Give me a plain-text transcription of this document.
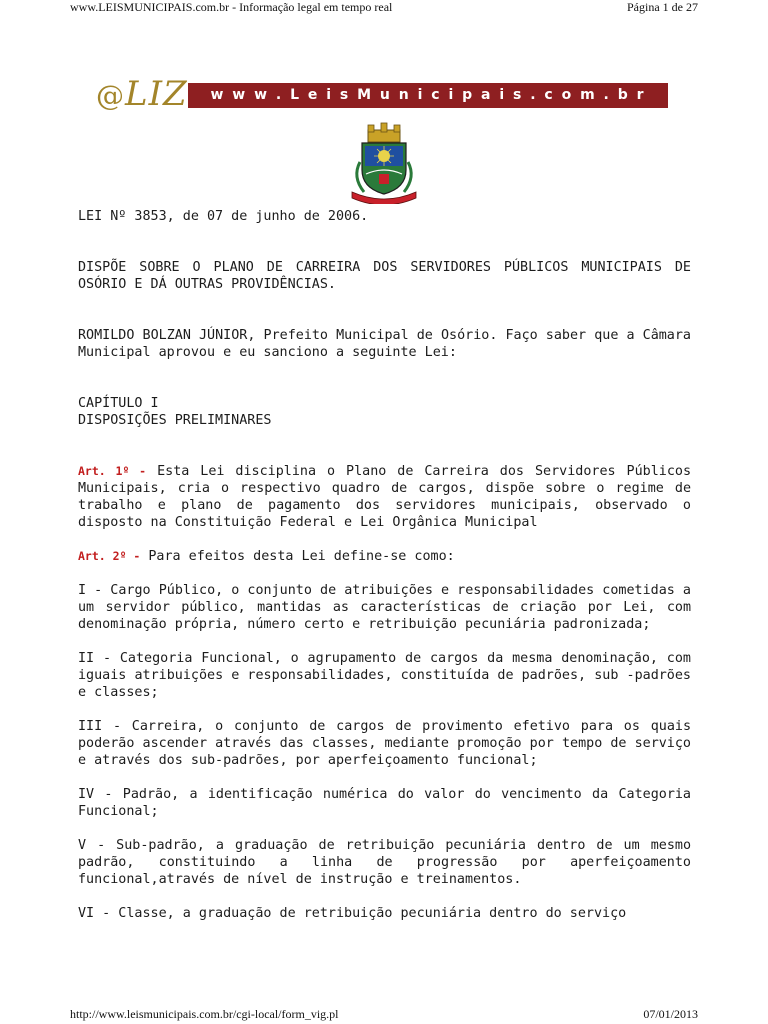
www.LEISMUNICIPAIS.com.br - Informação legal em tempo real	Página 1 de 27
@LIZ	w w w . L e i s M u n i c i p a i s . c o m . b r

LEI Nº 3853, de 07 de junho de 2006.

DISPÕE SOBRE O PLANO DE CARREIRA DOS SERVIDORES PÚBLICOS MUNICIPAIS DE OSÓRIO E DÁ OUTRAS PROVIDÊNCIAS.

ROMILDO BOLZAN JÚNIOR, Prefeito Municipal de Osório. Faço saber que a Câmara Municipal aprovou e eu sanciono a seguinte Lei:

CAPÍTULO I

DISPOSIÇÕES PRELIMINARES

Art. 1º - Esta Lei disciplina o Plano de Carreira dos Servidores Públicos Municipais, cria o respectivo quadro de cargos, dispõe sobre o regime de trabalho e plano de pagamento dos servidores municipais, observado o disposto na Constituição Federal e Lei Orgânica Municipal

Art. 2º - Para efeitos desta Lei define-se como:

I - Cargo Público, o conjunto de atribuições e responsabilidades cometidas a um servidor público, mantidas as características de criação por Lei, com denominação própria, número certo e retribuição pecuniária padronizada;

II - Categoria Funcional, o agrupamento de cargos da mesma denominação, com iguais atribuições e responsabilidades, constituída de padrões, sub -padrões e classes;

III - Carreira, o conjunto de cargos de provimento efetivo para os quais poderão ascender através das classes, mediante promoção por tempo de serviço e através dos sub-padrões, por aperfeiçoamento funcional;

IV - Padrão, a identificação numérica do valor do vencimento da Categoria Funcional;

V - Sub-padrão, a graduação de retribuição pecuniária dentro de um mesmo padrão, constituindo a linha de progressão por aperfeiçoamento funcional,através de nível de instrução e treinamentos.

VI - Classe, a graduação de retribuição pecuniária dentro do serviço

http://www.leismunicipais.com.br/cgi-local/form_vig.pl	07/01/2013
